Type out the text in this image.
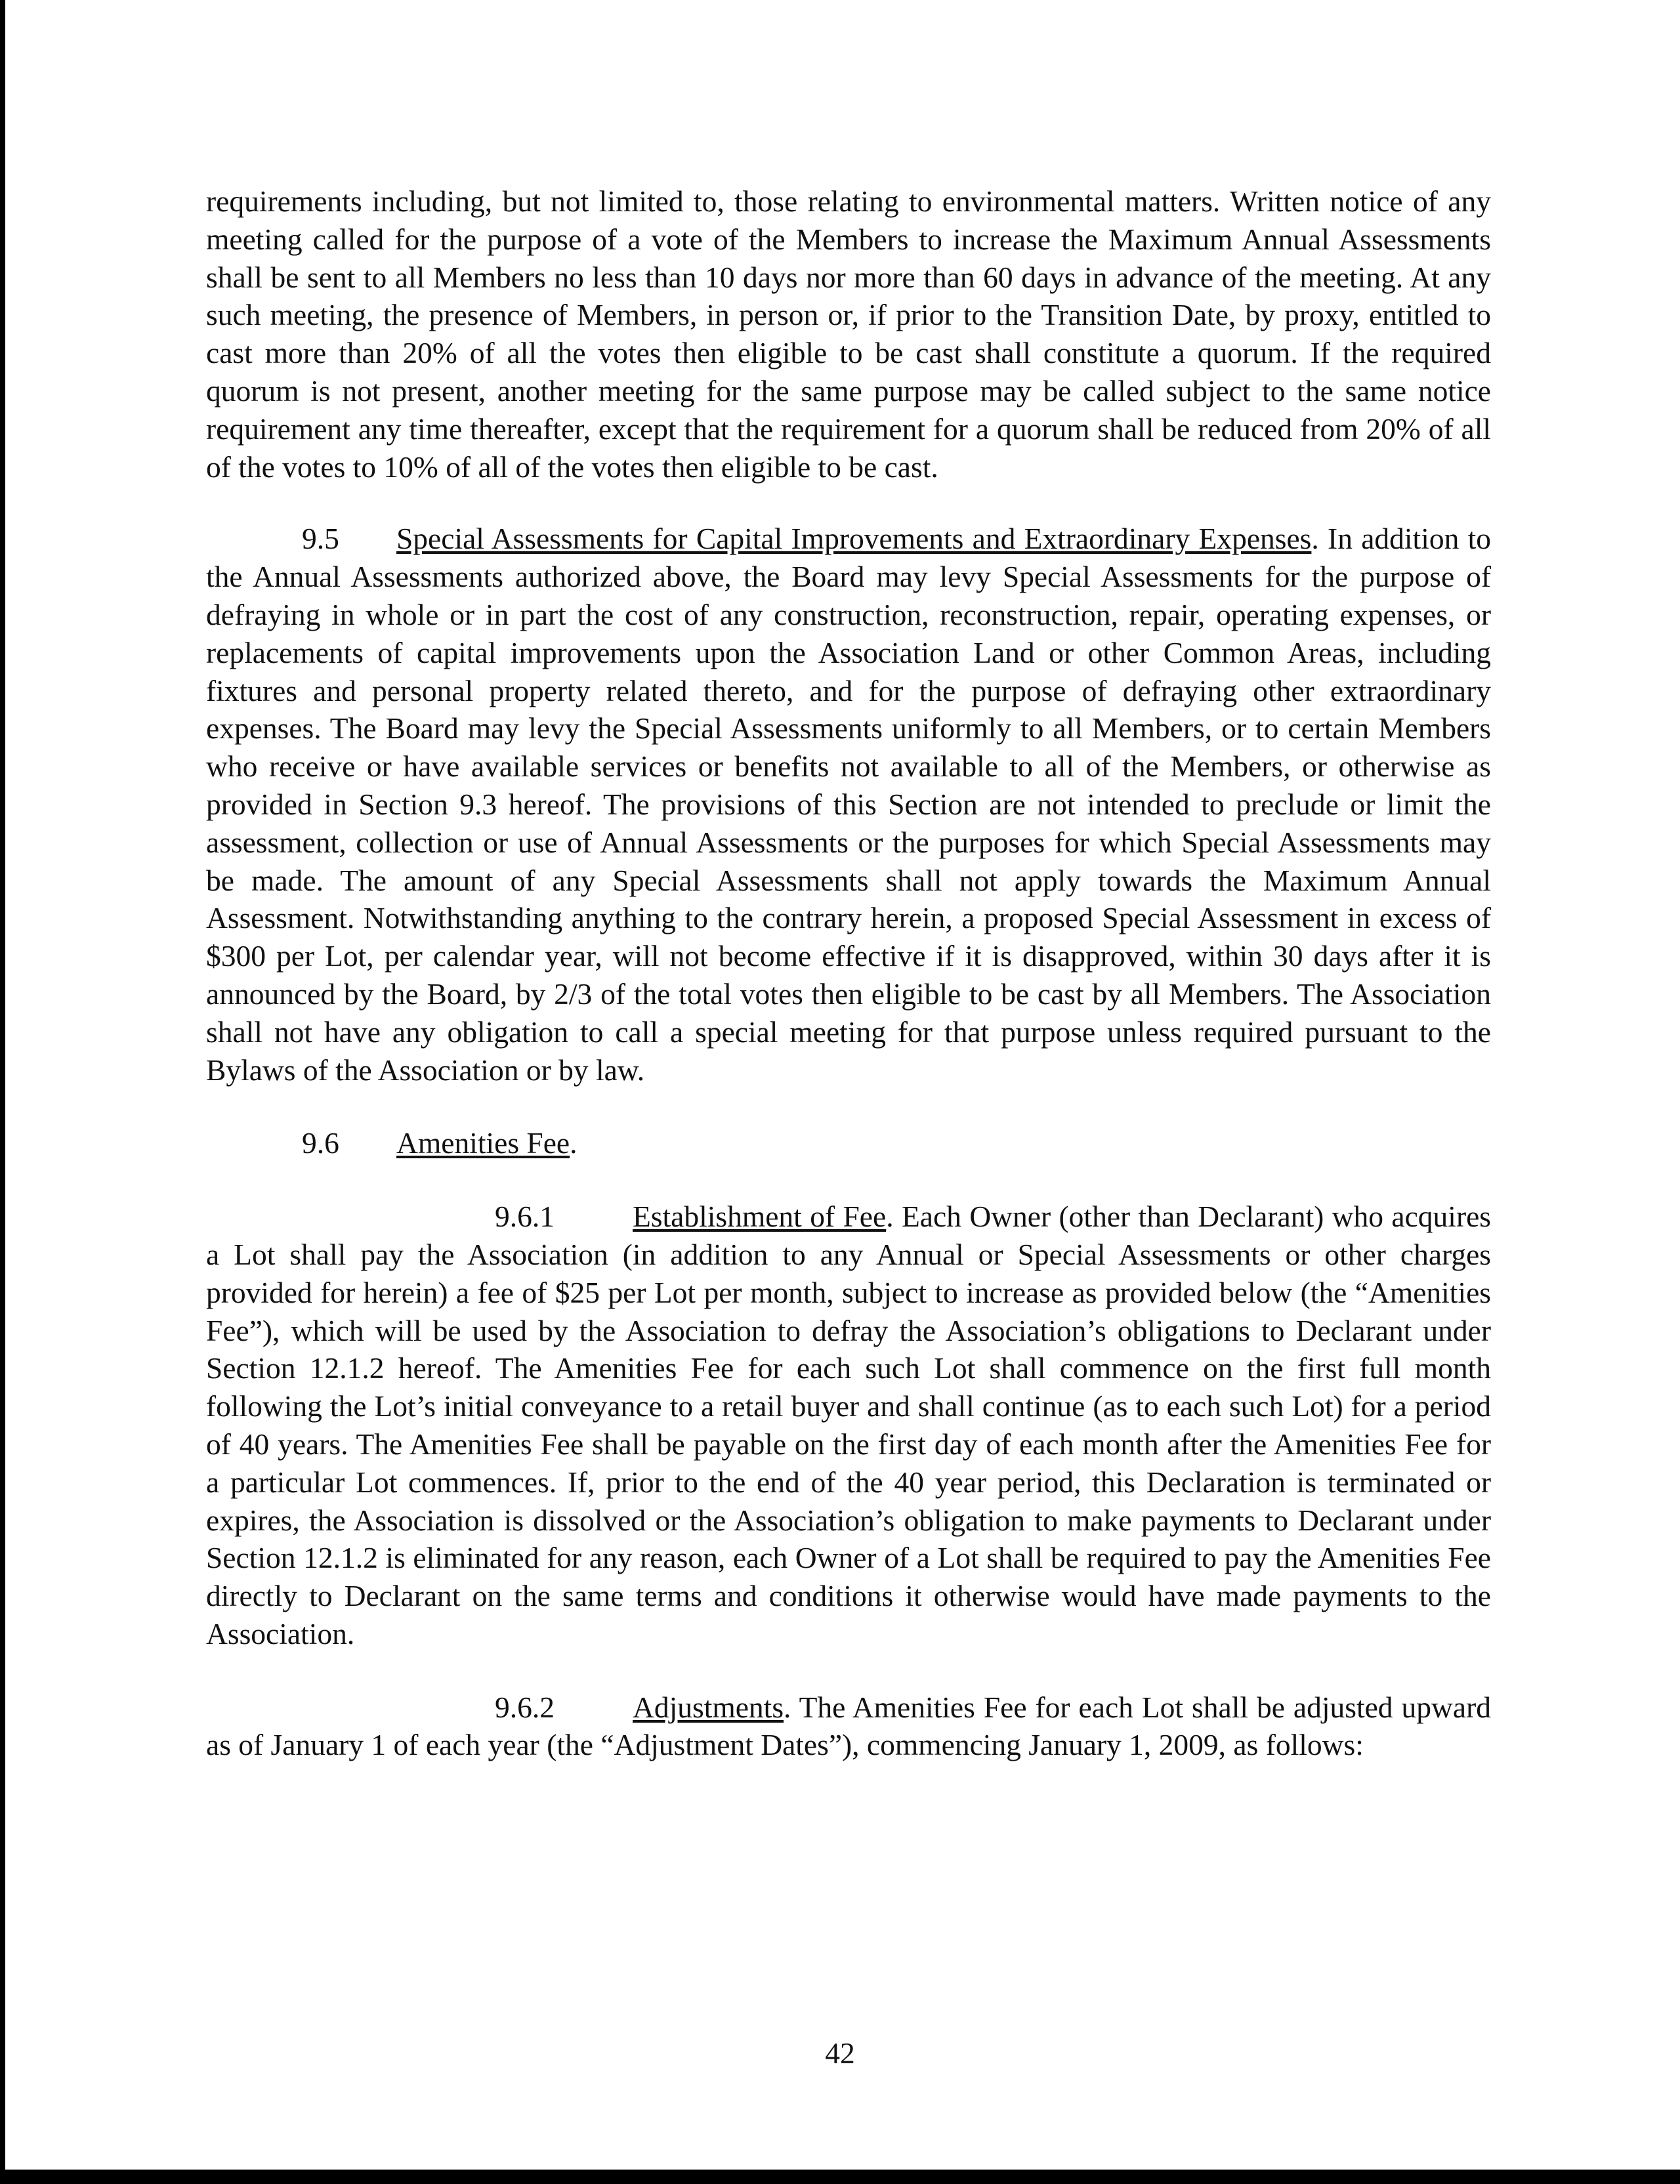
requirements including, but not limited to, those relating to environmental matters. Written notice of any meeting called for the purpose of a vote of the Members to increase the Maximum Annual Assessments shall be sent to all Members no less than 10 days nor more than 60 days in advance of the meeting. At any such meeting, the presence of Members, in person or, if prior to the Transition Date, by proxy, entitled to cast more than 20% of all the votes then eligible to be cast shall constitute a quorum. If the required quorum is not present, another meeting for the same purpose may be called subject to the same notice requirement any time thereafter, except that the requirement for a quorum shall be reduced from 20% of all of the votes to 10% of all of the votes then eligible to be cast.

9.5 Special Assessments for Capital Improvements and Extraordinary Expenses. In addition to the Annual Assessments authorized above, the Board may levy Special Assessments for the purpose of defraying in whole or in part the cost of any construction, reconstruction, repair, operating expenses, or replacements of capital improvements upon the Association Land or other Common Areas, including fixtures and personal property related thereto, and for the purpose of defraying other extraordinary expenses. The Board may levy the Special Assessments uniformly to all Members, or to certain Members who receive or have available services or benefits not available to all of the Members, or otherwise as provided in Section 9.3 hereof. The provisions of this Section are not intended to preclude or limit the assessment, collection or use of Annual Assessments or the purposes for which Special Assessments may be made. The amount of any Special Assessments shall not apply towards the Maximum Annual Assessment. Notwithstanding anything to the contrary herein, a proposed Special Assessment in excess of $300 per Lot, per calendar year, will not become effective if it is disapproved, within 30 days after it is announced by the Board, by 2/3 of the total votes then eligible to be cast by all Members. The Association shall not have any obligation to call a special meeting for that purpose unless required pursuant to the Bylaws of the Association or by law.

9.6 Amenities Fee.

9.6.1	Establishment of Fee. Each Owner (other than Declarant) who acquires a Lot shall pay the Association (in addition to any Annual or Special Assessments or other charges provided for herein) a fee of $25 per Lot per month, subject to increase as provided below (the “Amenities Fee”), which will be used by the Association to defray the Association’s obligations to Declarant under Section 12.1.2 hereof. The Amenities Fee for each such Lot shall commence on the first full month following the Lot’s initial conveyance to a retail buyer and shall continue (as to each such Lot) for a period of 40 years. The Amenities Fee shall be payable on the first day of each month after the Amenities Fee for a particular Lot commences. If, prior to the end of the 40 year period, this Declaration is terminated or expires, the Association is dissolved or the Association’s obligation to make payments to Declarant under Section 12.1.2 is eliminated for any reason, each Owner of a Lot shall be required to pay the Amenities Fee directly to Declarant on the same terms and conditions it otherwise would have made payments to the Association.

9.6.2	Adjustments. The Amenities Fee for each Lot shall be adjusted upward as of January 1 of each year (the “Adjustment Dates”), commencing January 1, 2009, as follows:

42
